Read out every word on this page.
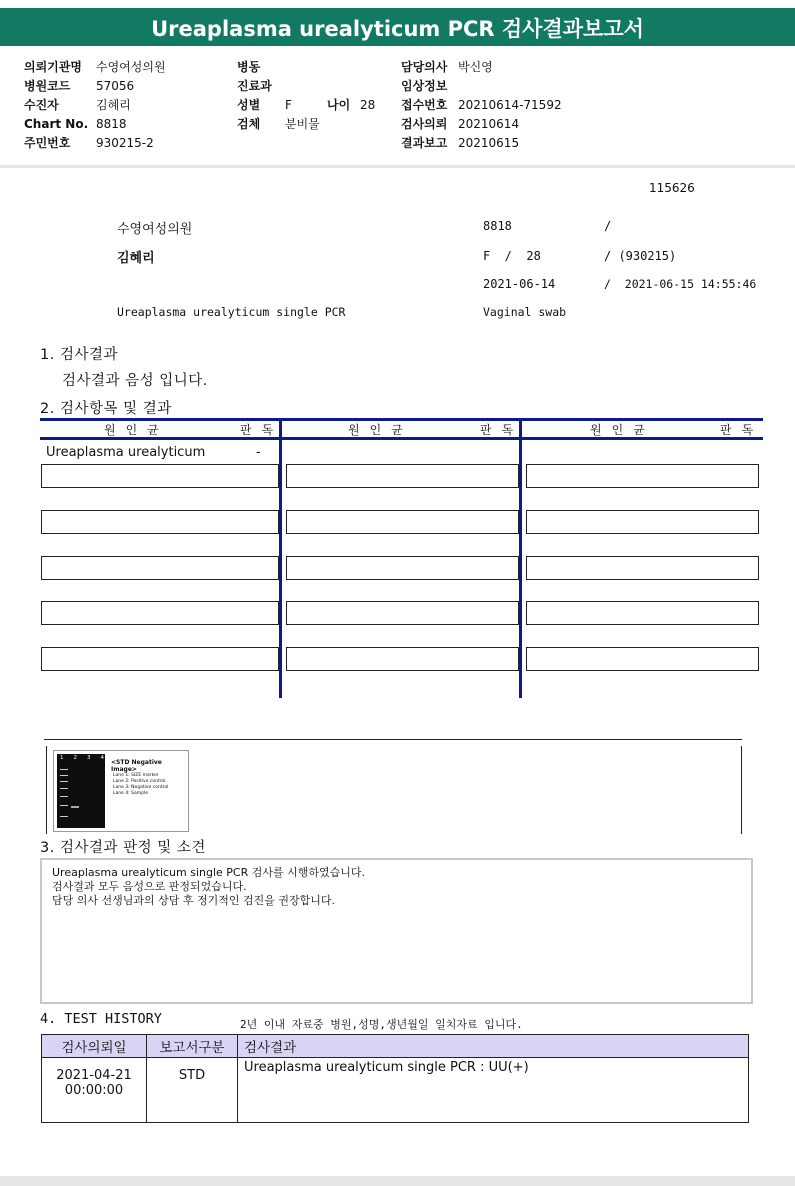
Ureaplasma urealyticum PCR 검사결과보고서
의뢰기관명 수영여성의원
병원코드 57056
수진자	김혜리
Chart No. 8818
주민번호 930215-2
병동
진료과
성별 F	나이 28
검체 분비물
담당의사 박신영
임상정보
접수번호 20210614-71592
검사의뢰 20210614
결과보고 20210615
115626
수영여성의원	8818	/
김혜리	F  /  28	/ (930215)
2021-06-14	/  2021-06-15 14:55:46
Ureaplasma urealyticum single PCR	Vaginal swab
1. 검사결과
검사결과 음성 입니다.
2. 검사항목 및 결과
원인균	판독	원인균	판독	원인균	판독
Ureaplasma urealyticum	-
1 2 3 4
<STD Negative Image>
Lane 1: SIZE marker
Lane 2: Positive control
Lane 3: Negative control
Lane 4: Sample
3. 검사결과 판정 및 소견
Ureaplasma urealyticum single PCR 검사를 시행하였습니다.
검사결과 모두 음성으로 판정되었습니다.
담당 의사 선생님과의 상담 후 정기적인 검진을 권장합니다.
4. TEST HISTORY	2년 이내 자료중 병원,성명,생년월일 일치자료 입니다.
검사의뢰일	보고서구분	검사결과

2021-04-21
00:00:00	STD	Ureaplasma urealyticum single PCR : UU(+)
